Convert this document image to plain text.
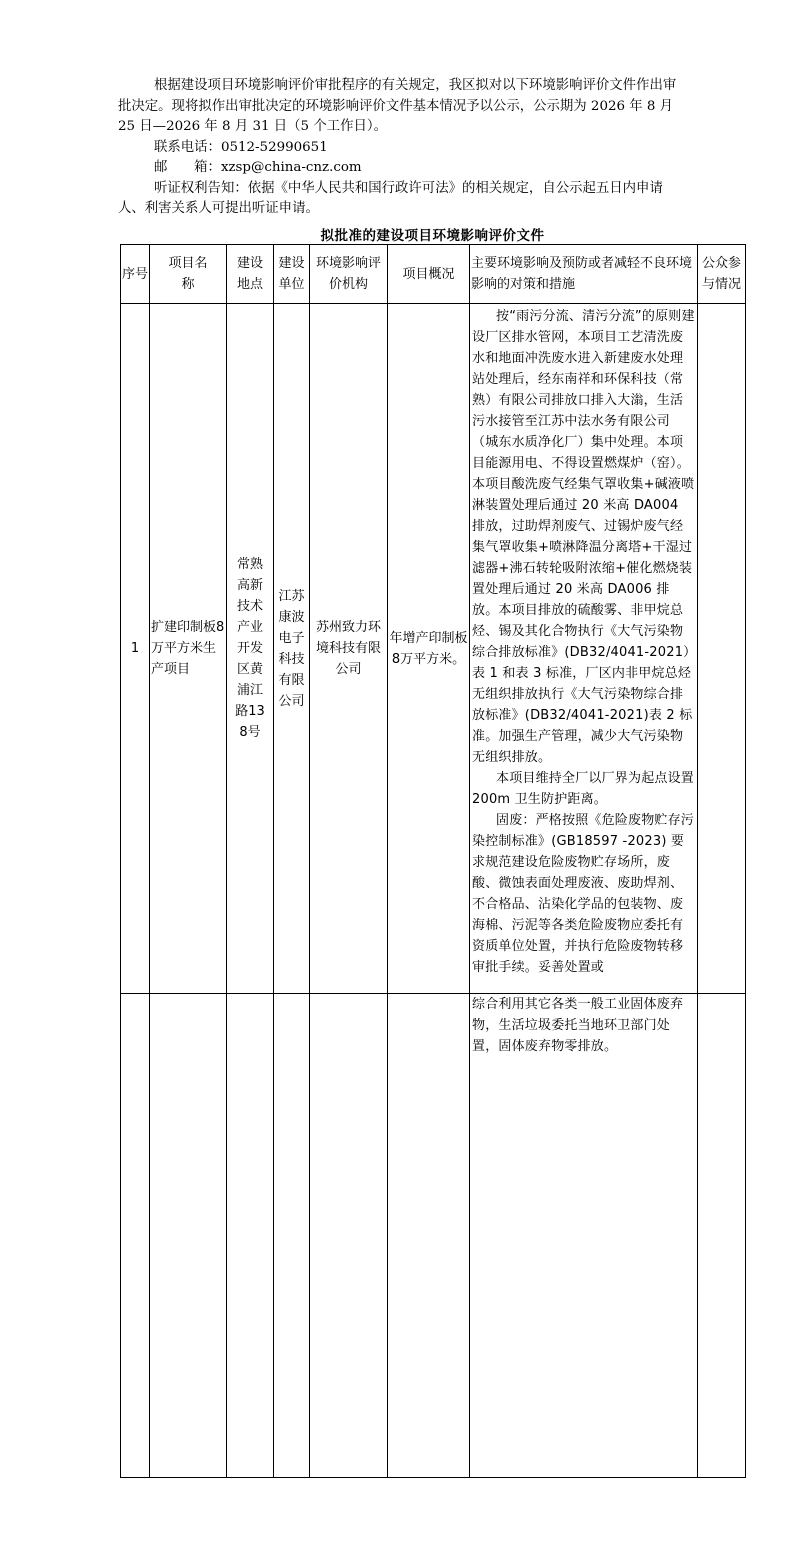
根据建设项目环境影响评价审批程序的有关规定，我区拟对以下环境影响评价文件作出审批决定。现将拟作出审批决定的环境影响评价文件基本情况予以公示，公示期为 2026 年 8 月 25 日—2026 年 8 月 31 日（5 个工作日）。

联系电话：0512-52990651

邮　　箱：xzsp@china-cnz.com

听证权利告知：依据《中华人民共和国行政许可法》的相关规定，自公示起五日内申请人、利害关系人可提出听证申请。

拟批准的建设项目环境影响评价文件
序号	项目名称	建设地点	建设单位	环境影响评价机构	项目概况	主要环境影响及预防或者减轻不良环境影响的对策和措施	公众参与情况
1	扩建印制板8万平方米生产项目	常熟高新技术产业开发区黄浦江路138号	江苏康波电子科技有限公司	苏州致力环境科技有限公司	年增产印制板8万平方米。	按“雨污分流、清污分流”的原则建设厂区排水管网，本项目工艺清洗废水和地面冲洗废水进入新建废水处理站处理后，经东南祥和环保科技（常熟）有限公司排放口排入大滃，生活污水接管至江苏中法水务有限公司（城东水质净化厂）集中处理。本项目能源用电、不得设置燃煤炉（窑）。本项目酸洗废气经集气罩收集+碱液喷淋装置处理后通过 20 米高 DA004 排放，过助焊剂废气、过锡炉废气经集气罩收集+喷淋降温分离塔+干湿过滤器+沸石转轮吸附浓缩+催化燃烧装置处理后通过 20 米高 DA006 排放。本项目排放的硫酸雾、非甲烷总烃、锡及其化合物执行《大气污染物综合排放标准》(DB32/4041-2021）表 1 和表 3 标准，厂区内非甲烷总烃无组织排放执行《大气污染物综合排放标准》(DB32/4041-2021)表 2 标准。加强生产管理，减少大气污染物无组织排放。

本项目维持全厂以厂界为起点设置 200m 卫生防护距离。

固废：严格按照《危险废物贮存污染控制标准》(GB18597 -2023) 要求规范建设危险废物贮存场所，废酸、微蚀表面处理废液、废助焊剂、不合格品、沾染化学品的包装物、废海棉、污泥等各类危险废物应委托有资质单位处置，并执行危险废物转移审批手续。妥善处置或	

						综合利用其它各类一般工业固体废弃物，生活垃圾委托当地环卫部门处置，固体废弃物零排放。	
